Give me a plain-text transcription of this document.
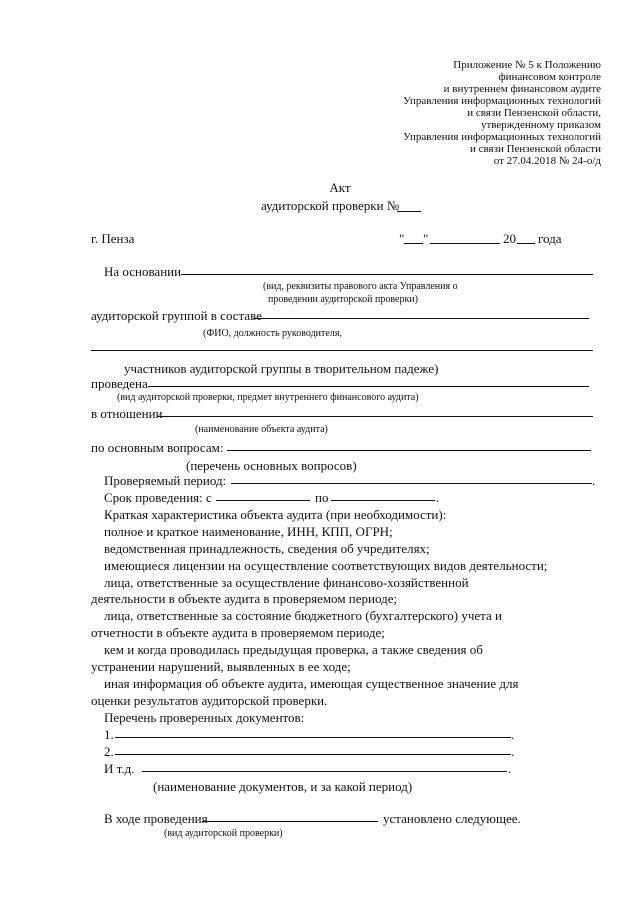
Приложение № 5 к Положению
финансовом контроле
и внутреннем финансовом аудите
Управления информационных технологий
и связи Пензенской области,
утвержденному приказом
Управления информационных технологий
и связи Пензенской области
от 27.04.2018 № 24-о/д
Акт
аудиторской проверки №
г. Пенза	" "	20 года
На основании
(вид, реквизиты правового акта Управления о
проведении аудиторской проверки)
аудиторской группой в составе
(ФИО, должность руководителя,
участников аудиторской группы в творительном падеже)
проведена
(вид аудиторской проверки, предмет внутреннего финансового аудита)
в отношении
(наименование объекта аудита)
по основным вопросам:
(перечень основных вопросов)
Проверяемый период:	.
Срок проведения: с	по	.
Краткая характеристика объекта аудита (при необходимости):
полное и краткое наименование, ИНН, КПП, ОГРН;
ведомственная принадлежность, сведения об учредителях;
имеющиеся лицензии на осуществление соответствующих видов деятельности;
лица, ответственные за осуществление финансово-хозяйственной
деятельности в объекте аудита в проверяемом периоде;
лица, ответственные за состояние бюджетного (бухгалтерского) учета и
отчетности в объекте аудита в проверяемом периоде;
кем и когда проводилась предыдущая проверка, а также сведения об
устранении нарушений, выявленных в ее ходе;
иная информация об объекте аудита, имеющая существенное значение для
оценки результатов аудиторской проверки.
Перечень проверенных документов:
1.	.
2.	.
И т.д.	.
(наименование документов, и за какой период)
В ходе проведения	установлено следующее.
(вид аудиторской проверки)
